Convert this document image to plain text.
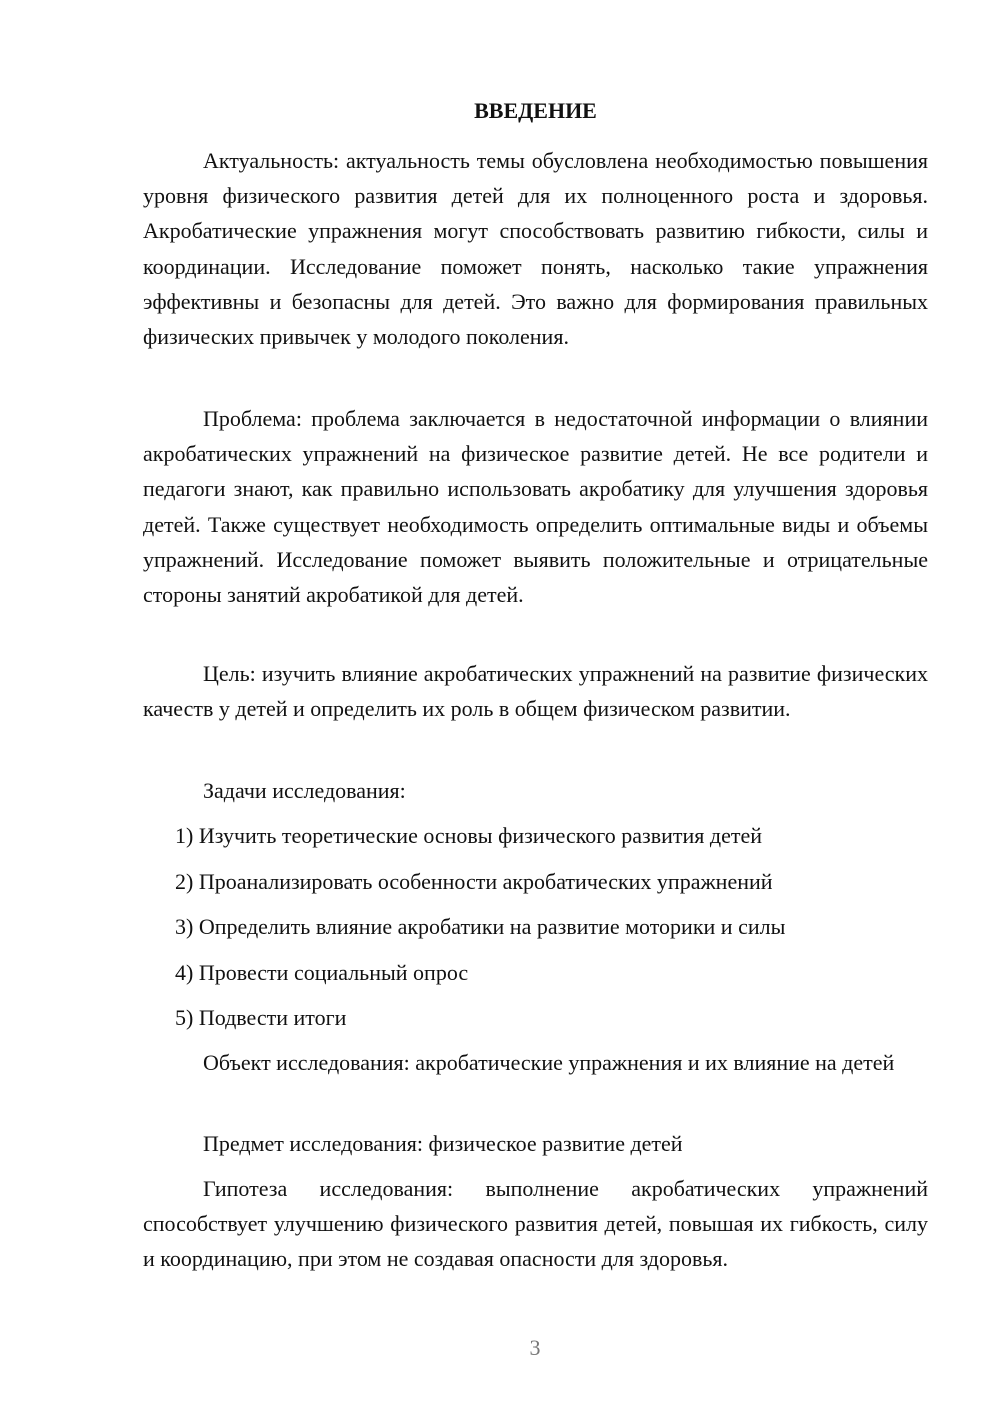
ВВЕДЕНИЕ

Актуальность: актуальность темы обусловлена необходимостью повышения уровня физического развития детей для их полноценного роста и здоровья. Акробатические упражнения могут способствовать развитию гибкости, силы и координации. Исследование поможет понять, насколько такие упражнения эффективны и безопасны для детей. Это важно для формирования правильных физических привычек у молодого поколения.

Проблема: проблема заключается в недостаточной информации о влиянии акробатических упражнений на физическое развитие детей. Не все родители и педагоги знают, как правильно использовать акробатику для улучшения здоровья детей. Также существует необходимость определить оптимальные виды и объемы упражнений. Исследование поможет выявить положительные и отрицательные стороны занятий акробатикой для детей.

Цель: изучить влияние акробатических упражнений на развитие физических качеств у детей и определить их роль в общем физическом развитии.

Задачи исследования:

1) Изучить теоретические основы физического развития детей
2) Проанализировать особенности акробатических упражнений
3) Определить влияние акробатики на развитие моторики и силы
4) Провести социальный опрос
5) Подвести итоги

Объект исследования: акробатические упражнения и их влияние на детей

Предмет исследования: физическое развитие детей

Гипотеза исследования: выполнение акробатических упражнений способствует улучшению физического развития детей, повышая их гибкость, силу и координацию, при этом не создавая опасности для здоровья.

3
